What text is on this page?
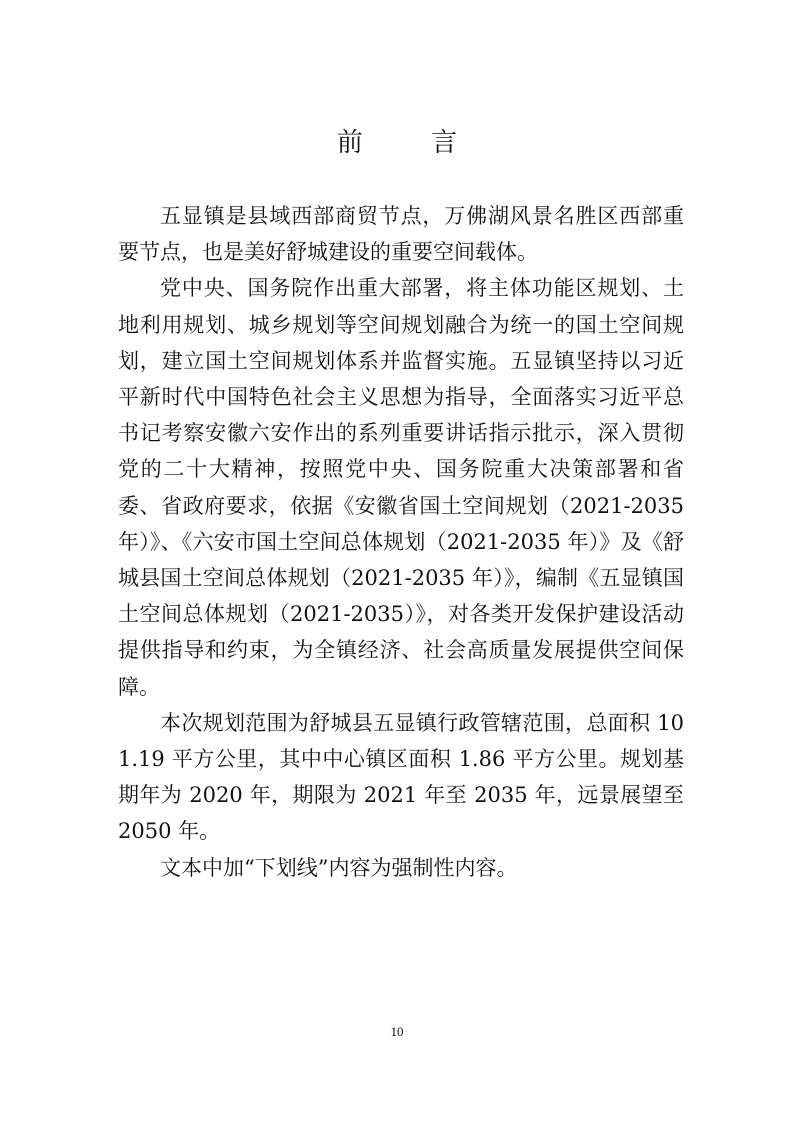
前 言

五显镇是县域西部商贸节点，万佛湖风景名胜区西部重要节点，也是美好舒城建设的重要空间载体。

党中央、国务院作出重大部署，将主体功能区规划、土地利用规划、城乡规划等空间规划融合为统一的国土空间规划，建立国土空间规划体系并监督实施。五显镇坚持以习近平新时代中国特色社会主义思想为指导，全面落实习近平总书记考察安徽六安作出的系列重要讲话指示批示，深入贯彻党的二十大精神，按照党中央、国务院重大决策部署和省委、省政府要求，依据《安徽省国土空间规划（2021-2035 年）》、《六安市国土空间总体规划（2021-2035 年）》及《舒城县国土空间总体规划（2021-2035 年）》，编制《五显镇国土空间总体规划（2021-2035）》，对各类开发保护建设活动提供指导和约束，为全镇经济、社会高质量发展提供空间保障。

本次规划范围为舒城县五显镇行政管辖范围，总面积 101.19 平方公里，其中中心镇区面积 1.86 平方公里。规划基期年为 2020 年，期限为 2021 年至 2035 年，远景展望至 2050 年。

文本中加“下划线”内容为强制性内容。

10
